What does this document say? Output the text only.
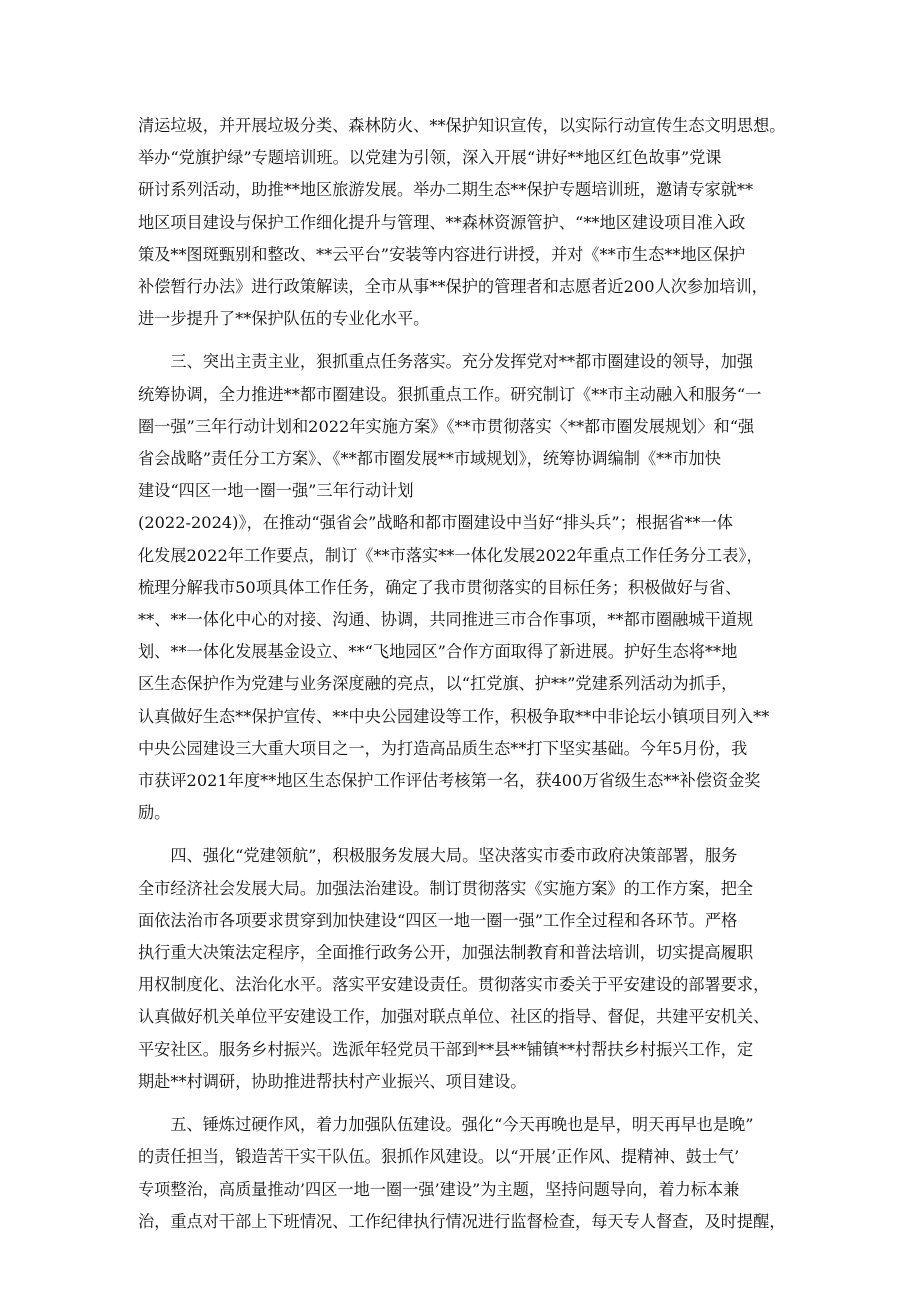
清运垃圾，并开展垃圾分类、森林防火、**保护知识宣传，以实际行动宣传生态文明思想。
举办“党旗护绿”专题培训班。以党建为引领，深入开展“讲好**地区红色故事”党课
研讨系列活动，助推**地区旅游发展。举办二期生态**保护专题培训班，邀请专家就**
地区项目建设与保护工作细化提升与管理、**森林资源管护、“**地区建设项目准入政
策及**图斑甄别和整改、**云平台”安装等内容进行讲授，并对《**市生态**地区保护
补偿暂行办法》进行政策解读，全市从事**保护的管理者和志愿者近200人次参加培训，
进一步提升了**保护队伍的专业化水平。
　　三、突出主责主业，狠抓重点任务落实。充分发挥党对**都市圈建设的领导，加强
统筹协调，全力推进**都市圈建设。狠抓重点工作。研究制订《**市主动融入和服务“一
圈一强”三年行动计划和2022年实施方案》《**市贯彻落实〈**都市圈发展规划〉和“强
省会战略”责任分工方案》、《**都市圈发展**市域规划》，统筹协调编制《**市加快
建设“四区一地一圈一强”三年行动计划
(2022-2024)》，在推动“强省会”战略和都市圈建设中当好“排头兵”；根据省**一体
化发展2022年工作要点，制订《**市落实**一体化发展2022年重点工作任务分工表》，
梳理分解我市50项具体工作任务，确定了我市贯彻落实的目标任务；积极做好与省、
**、**一体化中心的对接、沟通、协调，共同推进三市合作事项，**都市圈融城干道规
划、**一体化发展基金设立、**“飞地园区”合作方面取得了新进展。护好生态将**地
区生态保护作为党建与业务深度融的亮点，以“扛党旗、护**”党建系列活动为抓手，
认真做好生态**保护宣传、**中央公园建设等工作，积极争取**中非论坛小镇项目列入**
中央公园建设三大重大项目之一，为打造高品质生态**打下坚实基础。今年5月份，我
市获评2021年度**地区生态保护工作评估考核第一名，获400万省级生态**补偿资金奖
励。
　　四、强化“党建领航”，积极服务发展大局。坚决落实市委市政府决策部署，服务
全市经济社会发展大局。加强法治建设。制订贯彻落实《实施方案》的工作方案，把全
面依法治市各项要求贯穿到加快建设“四区一地一圈一强”工作全过程和各环节。严格
执行重大决策法定程序，全面推行政务公开，加强法制教育和普法培训，切实提高履职
用权制度化、法治化水平。落实平安建设责任。贯彻落实市委关于平安建设的部署要求，
认真做好机关单位平安建设工作，加强对联点单位、社区的指导、督促，共建平安机关、
平安社区。服务乡村振兴。选派年轻党员干部到**县**铺镇**村帮扶乡村振兴工作，定
期赴**村调研，协助推进帮扶村产业振兴、项目建设。
　　五、锤炼过硬作风，着力加强队伍建设。强化“今天再晚也是早，明天再早也是晚”
的责任担当，锻造苦干实干队伍。狠抓作风建设。以“开展’正作风、提精神、鼓士气’
专项整治，高质量推动’四区一地一圈一强’建设”为主题，坚持问题导向，着力标本兼
治，重点对干部上下班情况、工作纪律执行情况进行监督检查，每天专人督查，及时提醒，
